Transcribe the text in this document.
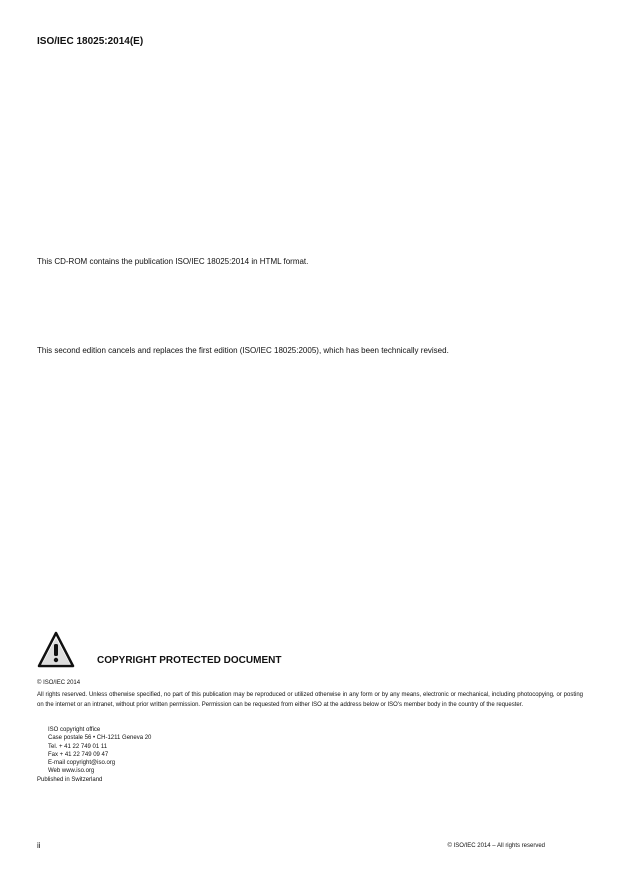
ISO/IEC 18025:2014(E)
This CD-ROM contains the publication ISO/IEC 18025:2014 in HTML format.
This second edition cancels and replaces the first edition (ISO/IEC 18025:2005), which has been technically revised.
COPYRIGHT PROTECTED DOCUMENT
© ISO/IEC 2014
All rights reserved. Unless otherwise specified, no part of this publication may be reproduced or utilized otherwise in any form or by any means, electronic or mechanical, including photocopying, or posting on the internet or an intranet, without prior written permission. Permission can be requested from either ISO at the address below or ISO's member body in the country of the requester.
ISO copyright office
Case postale 56 • CH-1211 Geneva 20
Tel. + 41 22 749 01 11
Fax + 41 22 749 09 47
E-mail copyright@iso.org
Web www.iso.org
Published in Switzerland
ii	© ISO/IEC 2014 – All rights reserved
